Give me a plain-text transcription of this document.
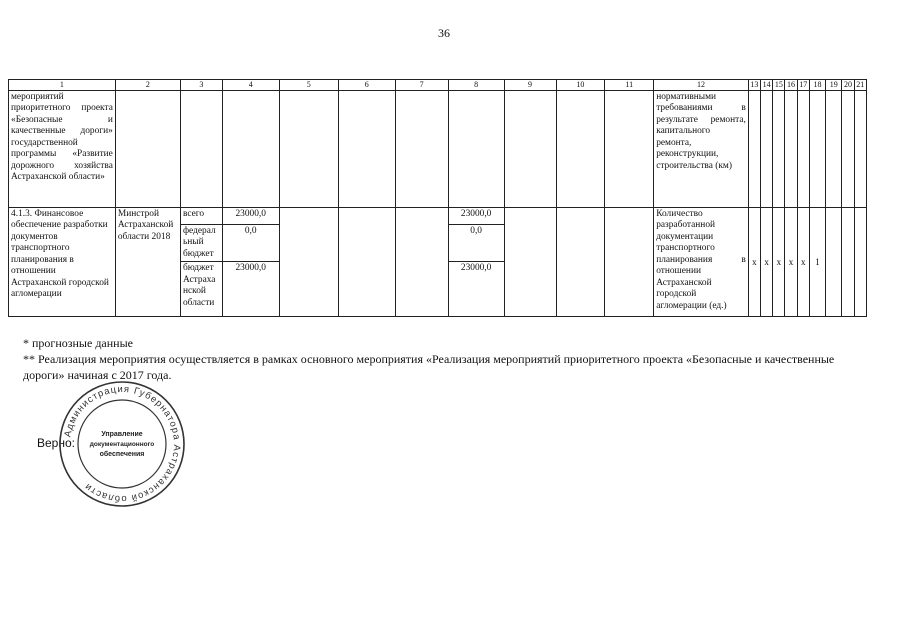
36
1	2	3	4	5	6	7	8	9	10	11	12	13	14	15	16	17	18	19	20	21
мероприятий приоритетного проекта «Безопасные и качественные дороги» государственной программы «Развитие дорожного хозяйства Астраханской области»											нормативными требованиями в результате ремонта, капитального ремонта, реконструкции, строительства (км)									
4.1.3. Финансовое обеспечение разработки документов транспортного планирования в отношении Астраханской городской агломерации	Минстрой Астраханской области 2018	всего	23000,0				23000,0				Количество разработанной документации транспортного планирования в отношении Астраханской городской агломерации (ед.)	x	x	x	x	x	1			
		федеральный бюджет	0,0				0,0													
		бюджет Астраханской области	23000,0				23000,0													

* прогнозные данные

** Реализация мероприятия осуществляется в рамках основного мероприятия «Реализация мероприятий приоритетного проекта «Безопасные и качественные дороги» начиная с 2017 года.

Верно:
Администрация Губернатора Астраханской области
Управление
документационного
обеспечения
